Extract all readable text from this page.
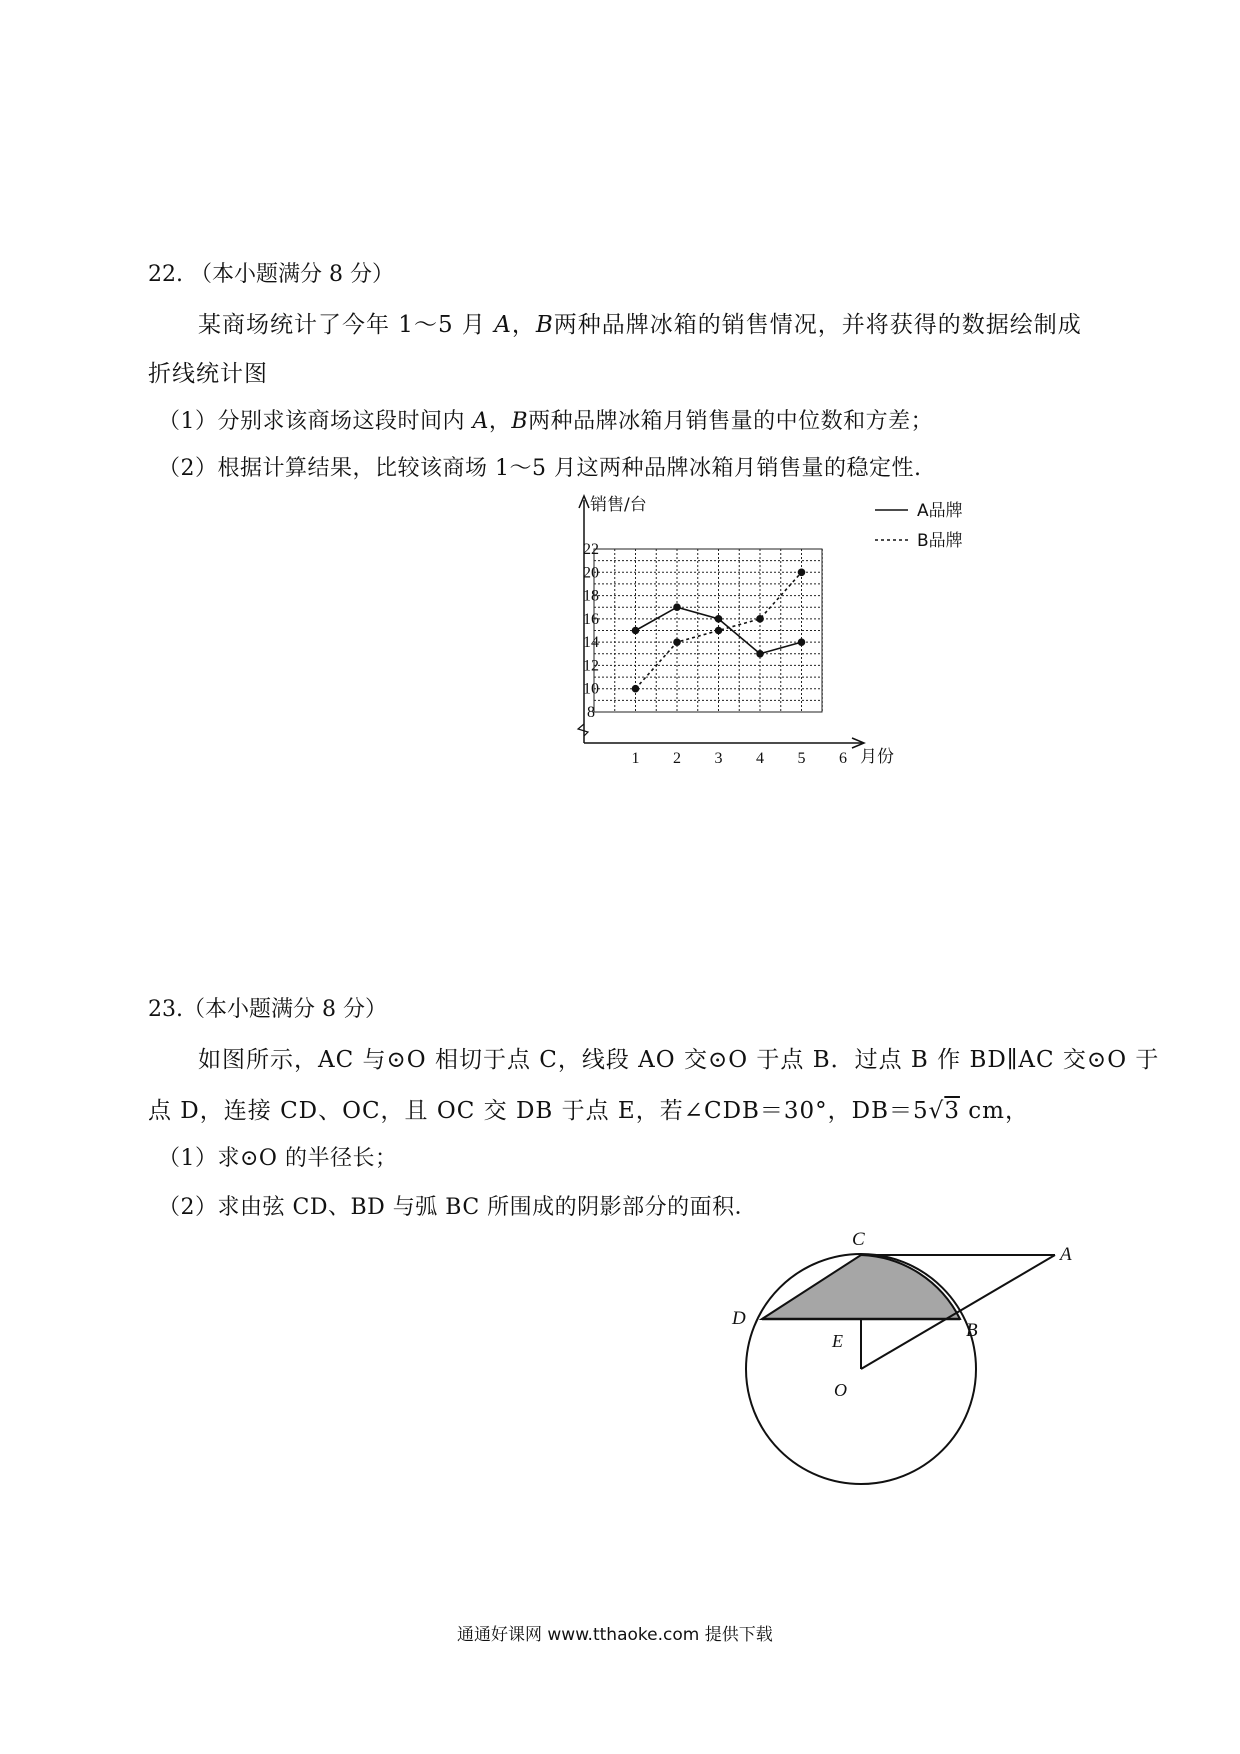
22. （本小题满分 8 分）
某商场统计了今年 1～5 月 A，B两种品牌冰箱的销售情况，并将获得的数据绘制成
折线统计图
（1）分别求该商场这段时间内 A，B两种品牌冰箱月销售量的中位数和方差；
（2）根据计算结果，比较该商场 1～5 月这两种品牌冰箱月销售量的稳定性.
销售/台
月份
8
10
12
14
16
18
20
22
1 2 3 4 5 6
A品牌
B品牌
23.（本小题满分 8 分）
如图所示，AC 与⊙O 相切于点 C，线段 AO 交⊙O 于点 B．过点 B 作 BD∥AC 交⊙O 于
点 D，连接 CD、OC，且 OC 交 DB 于点 E，若∠CDB＝30°，DB＝5√3 cm，
（1）求⊙O 的半径长；
（2）求由弦 CD、BD 与弧 BC 所围成的阴影部分的面积．
C
A
D
B
E
O
通通好课网 www.tthaoke.com 提供下载
